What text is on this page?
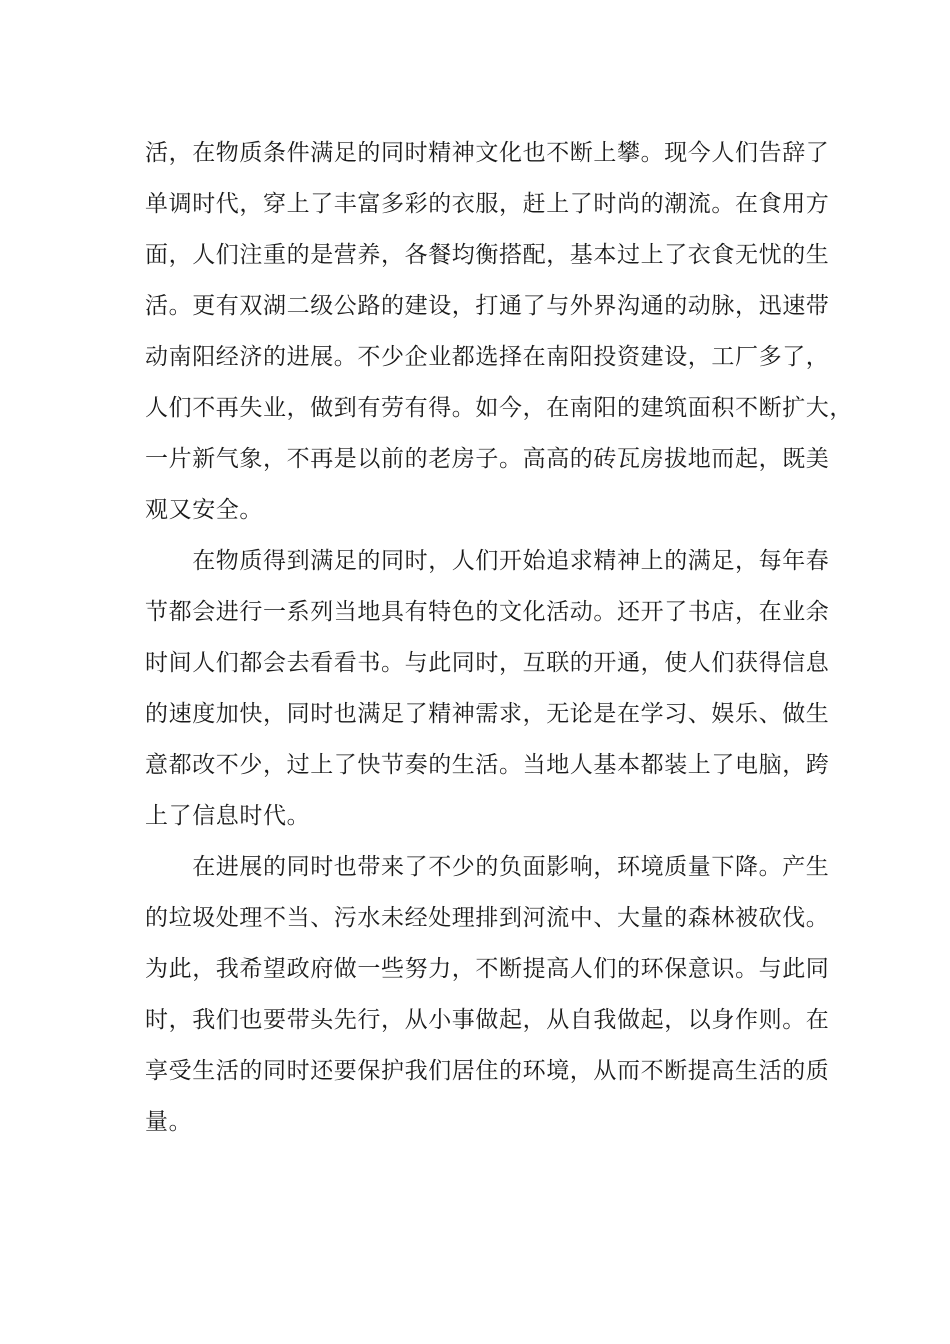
活，在物质条件满足的同时精神文化也不断上攀。现今人们告辞了
单调时代，穿上了丰富多彩的衣服，赶上了时尚的潮流。在食用方
面，人们注重的是营养，各餐均衡搭配，基本过上了衣食无忧的生
活。更有双湖二级公路的建设，打通了与外界沟通的动脉，迅速带
动南阳经济的进展。不少企业都选择在南阳投资建设，工厂多了，
人们不再失业，做到有劳有得。如今，在南阳的建筑面积不断扩大，
一片新气象，不再是以前的老房子。高高的砖瓦房拔地而起，既美
观又安全。
　　在物质得到满足的同时，人们开始追求精神上的满足，每年春
节都会进行一系列当地具有特色的文化活动。还开了书店，在业余
时间人们都会去看看书。与此同时，互联的开通，使人们获得信息
的速度加快，同时也满足了精神需求，无论是在学习、娱乐、做生
意都改不少，过上了快节奏的生活。当地人基本都装上了电脑，跨
上了信息时代。
　　在进展的同时也带来了不少的负面影响，环境质量下降。产生
的垃圾处理不当、污水未经处理排到河流中、大量的森林被砍伐。
为此，我希望政府做一些努力，不断提高人们的环保意识。与此同
时，我们也要带头先行，从小事做起，从自我做起，以身作则。在
享受生活的同时还要保护我们居住的环境，从而不断提高生活的质
量。
